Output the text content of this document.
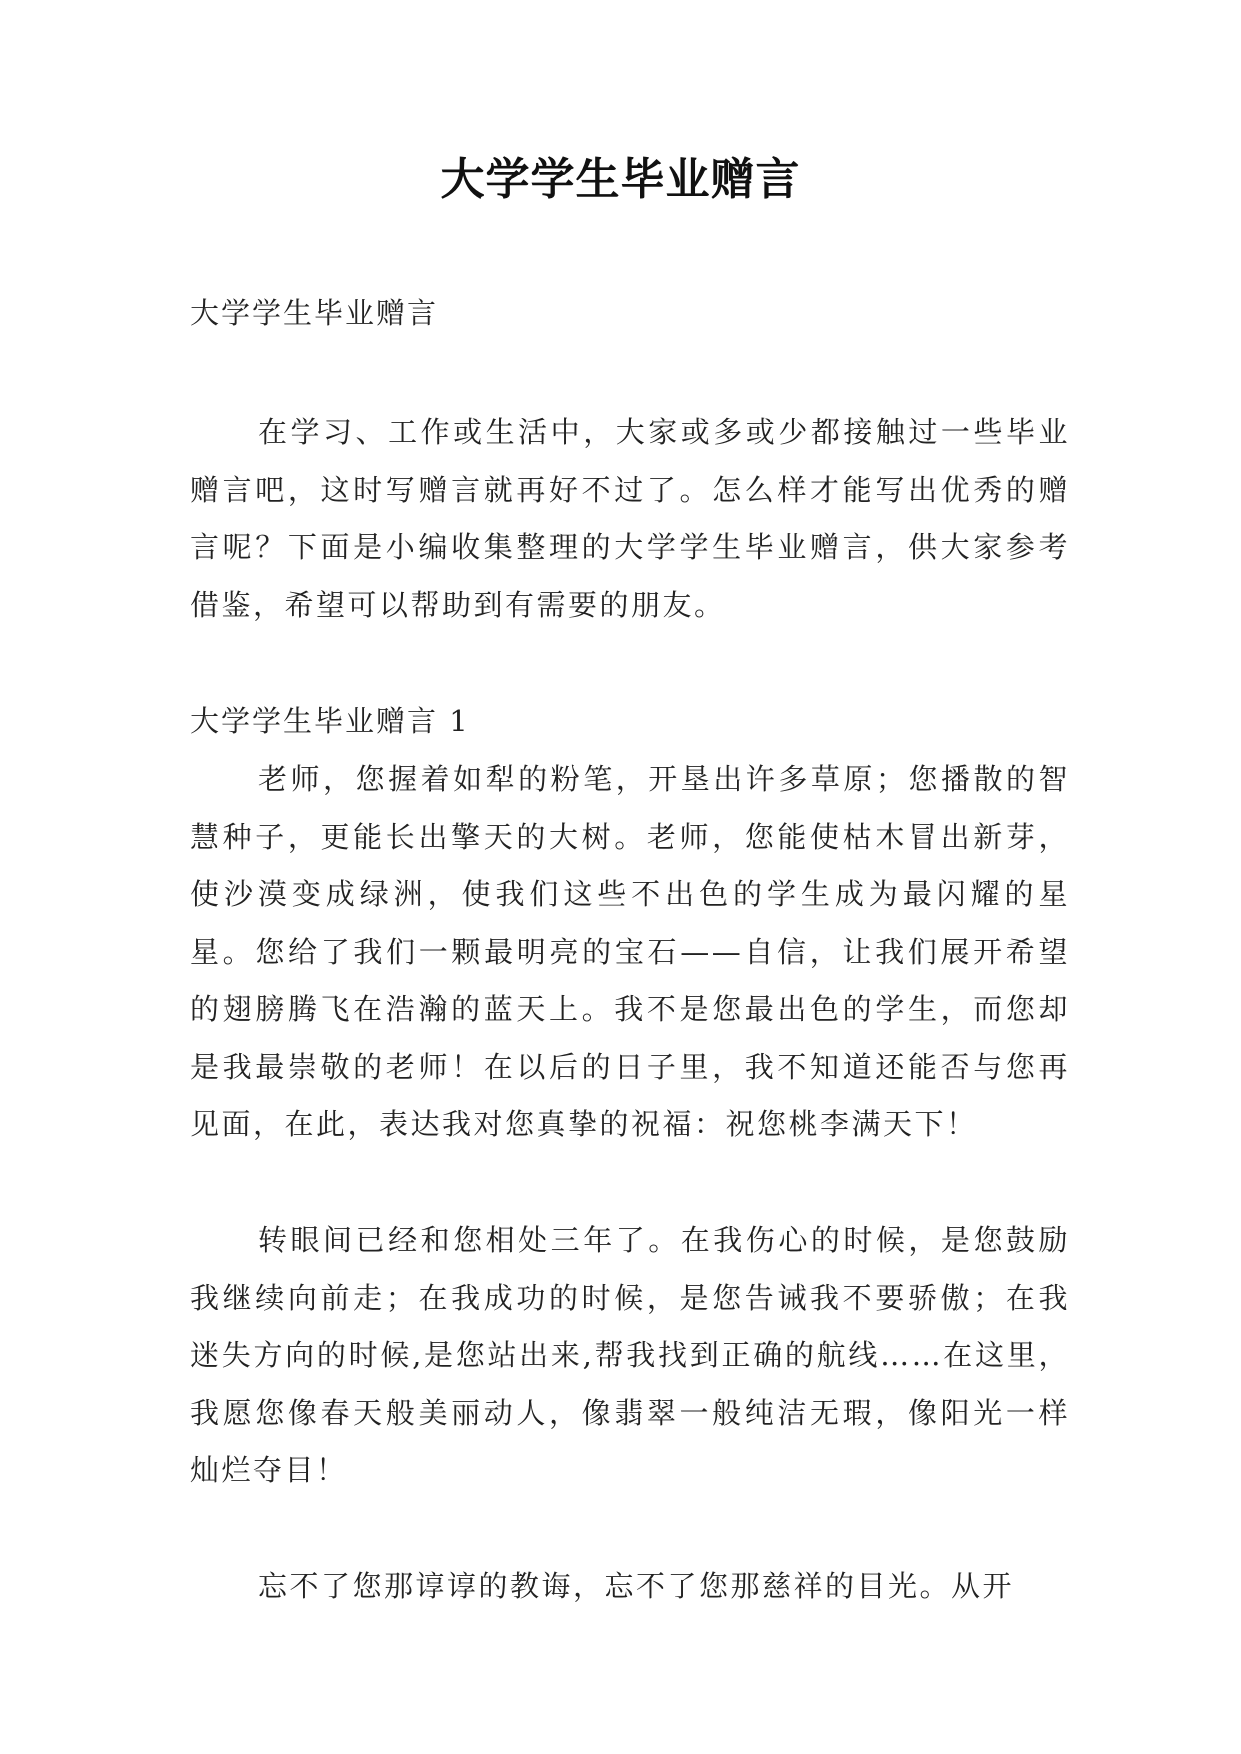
大学学生毕业赠言

大学学生毕业赠言

在学习、工作或生活中，大家或多或少都接触过一些毕业赠言吧，这时写赠言就再好不过了。怎么样才能写出优秀的赠言呢？下面是小编收集整理的大学学生毕业赠言，供大家参考借鉴，希望可以帮助到有需要的朋友。

大学学生毕业赠言 1

老师，您握着如犁的粉笔，开垦出许多草原；您播散的智慧种子，更能长出擎天的大树。老师，您能使枯木冒出新芽，使沙漠变成绿洲，使我们这些不出色的学生成为最闪耀的星星。您给了我们一颗最明亮的宝石——自信，让我们展开希望的翅膀腾飞在浩瀚的蓝天上。我不是您最出色的学生，而您却是我最崇敬的老师！在以后的日子里，我不知道还能否与您再见面，在此，表达我对您真挚的祝福：祝您桃李满天下！

转眼间已经和您相处三年了。在我伤心的时候，是您鼓励我继续向前走；在我成功的时候，是您告诫我不要骄傲；在我迷失方向的时候,是您站出来,帮我找到正确的航线……在这里，我愿您像春天般美丽动人，像翡翠一般纯洁无瑕，像阳光一样灿烂夺目！

忘不了您那谆谆的教诲，忘不了您那慈祥的目光。从开
